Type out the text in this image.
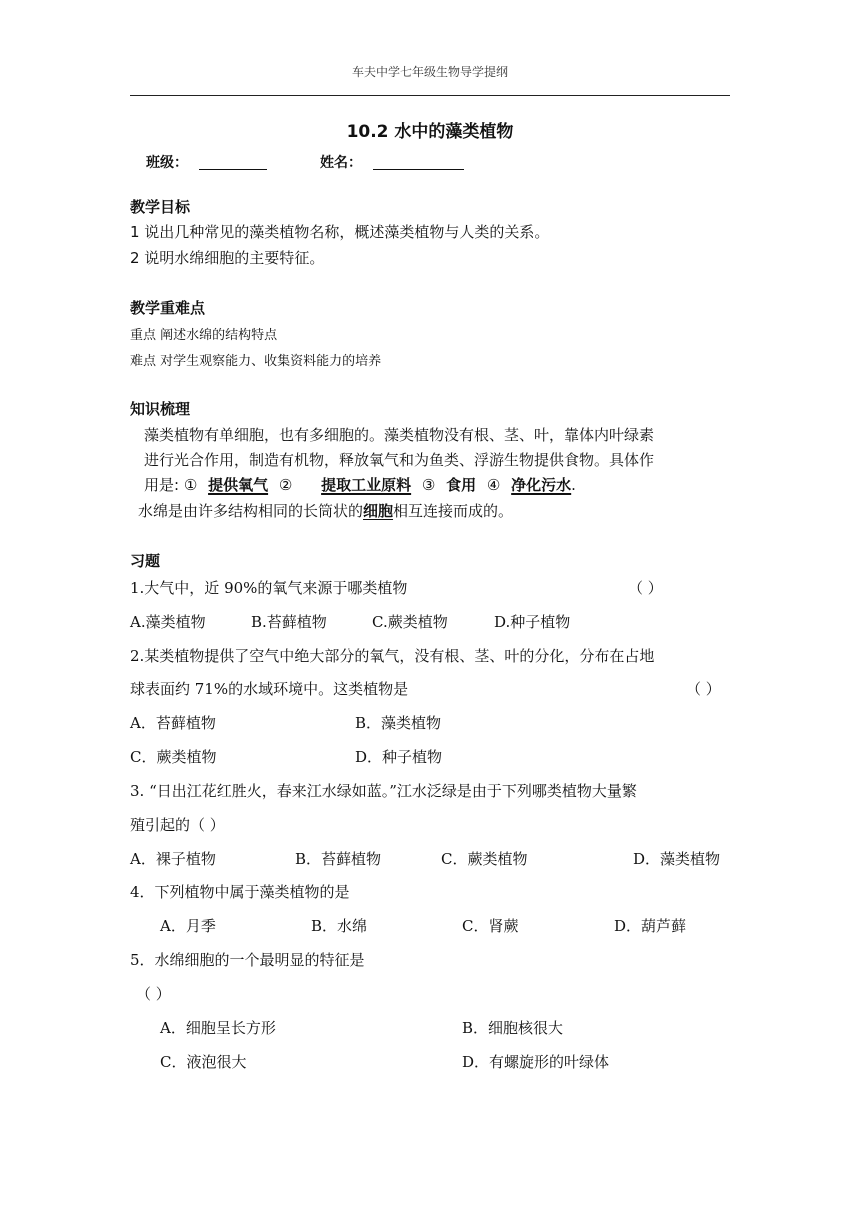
车夫中学七年级生物导学提纲
10.2 水中的藻类植物
班级：	姓名：
教学目标
1 说出几种常见的藻类植物名称，概述藻类植物与人类的关系。
2 说明水绵细胞的主要特征。
教学重难点
重点 阐述水绵的结构特点
难点 对学生观察能力、收集资料能力的培养
知识梳理
藻类植物有单细胞，也有多细胞的。藻类植物没有根、茎、叶，靠体内叶绿素
进行光合作用，制造有机物，释放氧气和为鱼类、浮游生物提供食物。具体作
用是: ① 提供氧气 ② 提取工业原料 ③ 食用 ④ 净化污水.
水绵是由许多结构相同的长筒状的细胞相互连接而成的。
习题
1.大气中，近 90%的氧气来源于哪类植物	（ ）
A.藻类植物	B.苔藓植物	C.蕨类植物	D.种子植物
2.某类植物提供了空气中绝大部分的氧气，没有根、茎、叶的分化，分布在占地
球表面约 71%的水域环境中。这类植物是	（ ）
A．苔藓植物	B．藻类植物
C．蕨类植物	D．种子植物
3. “日出江花红胜火，春来江水绿如蓝。”江水泛绿是由于下列哪类植物大量繁
殖引起的（ ）
A．裸子植物	B．苔藓植物	C．蕨类植物	D．藻类植物
4．下列植物中属于藻类植物的是
A．月季	B．水绵	C．肾蕨	D．葫芦藓
5．水绵细胞的一个最明显的特征是
（ ）
A．细胞呈长方形	B．细胞核很大
C．液泡很大	D．有螺旋形的叶绿体
